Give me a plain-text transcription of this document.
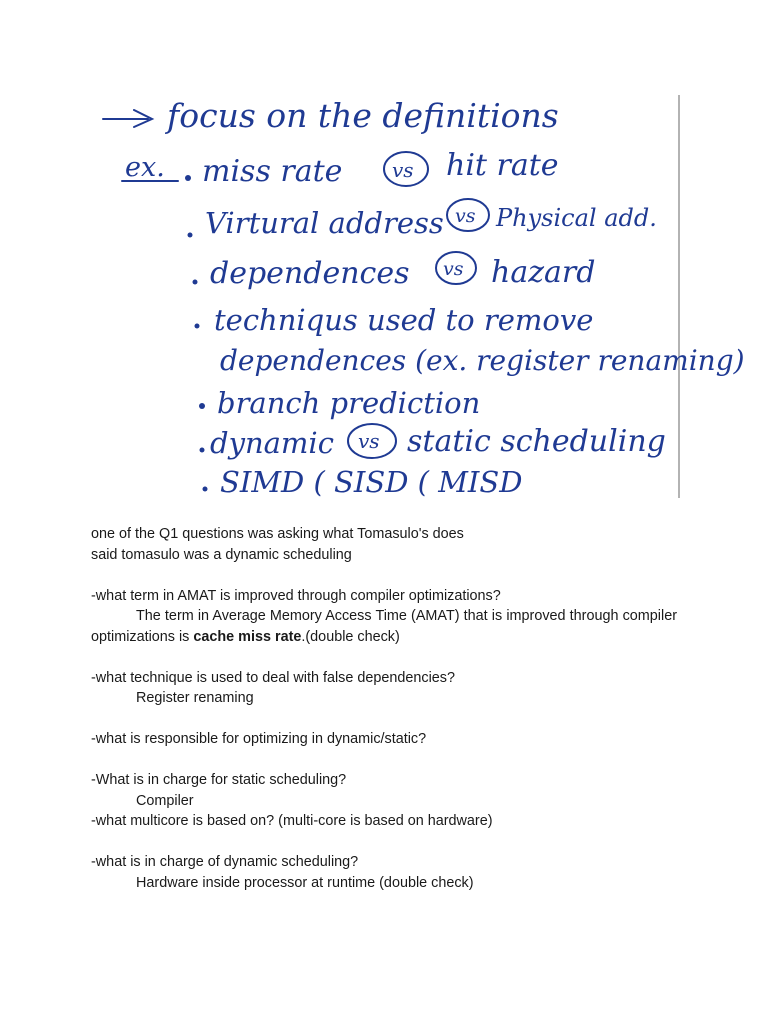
focus on the definitions
ex. miss rate vs hit rate
Virtural address vs Physical add.
dependences vs hazard
techniqus used to remove
dependences (ex. register renaming)
branch prediction
dynamic vs static scheduling
SIMD ( SISD ( MISD

one of the Q1 questions was asking what Tomasulo's does

said tomasulo was a dynamic scheduling

-what term in AMAT is improved through compiler optimizations?

The term in Average Memory Access Time (AMAT) that is improved through compiler optimizations is cache miss rate.(double check)

-what technique is used to deal with false dependencies?

Register renaming

-what is responsible for optimizing in dynamic/static?

-What is in charge for static scheduling?

Compiler

-what multicore is based on? (multi-core is based on hardware)

-what is in charge of dynamic scheduling?

Hardware inside processor at runtime (double check)
